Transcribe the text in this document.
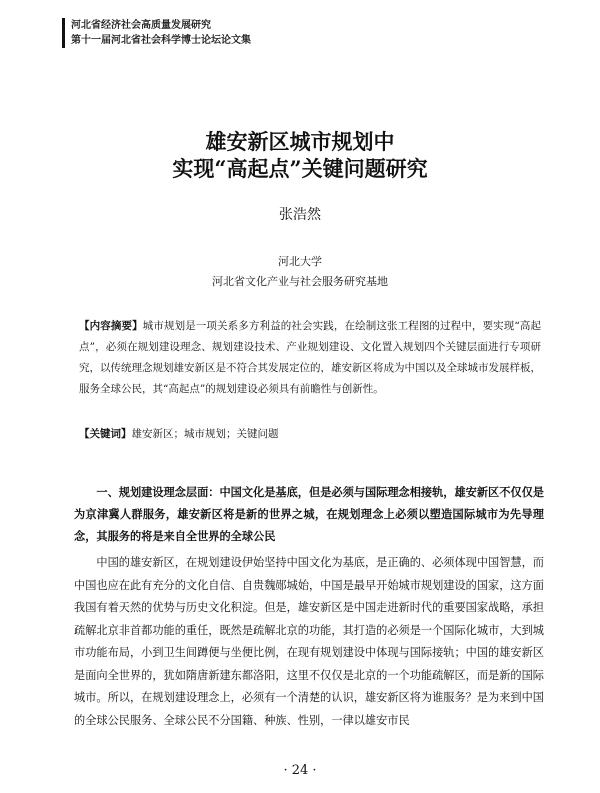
河北省经济社会高质量发展研究
第十一届河北省社会科学博士论坛论文集
雄安新区城市规划中
实现“高起点”关键问题研究
张浩然
河北大学
河北省文化产业与社会服务研究基地
【内容摘要】城市规划是一项关系多方利益的社会实践，在绘制这张工程图的过程中，要实现“高起点”，必须在规划建设理念、规划建设技术、产业规划建设、文化置入规划四个关键层面进行专项研究，以传统理念规划雄安新区是不符合其发展定位的，雄安新区将成为中国以及全球城市发展样板，服务全球公民，其“高起点”的规划建设必须具有前瞻性与创新性。
【关键词】雄安新区；城市规划；关键问题
一、规划建设理念层面：中国文化是基底，但是必须与国际理念相接轨，雄安新区不仅仅是为京津冀人群服务，雄安新区将是新的世界之城，在规划理念上必须以塑造国际城市为先导理念，其服务的将是来自全世界的全球公民
中国的雄安新区，在规划建设伊始坚持中国文化为基底，是正确的、必须体现中国智慧，而中国也应在此有充分的文化自信、自贵魏郧城始，中国是最早开始城市规划建设的国家，这方面我国有着天然的优势与历史文化积淀。但是，雄安新区是中国走进新时代的重要国家战略，承担疏解北京非首都功能的重任，既然是疏解北京的功能，其打造的必须是一个国际化城市，大到城市功能布局，小到卫生间蹲便与坐便比例，在现有规划建设中体现与国际接轨；中国的雄安新区是面向全世界的，犹如隋唐新建东都洛阳，这里不仅仅是北京的一个功能疏解区，而是新的国际城市。所以，在规划建设理念上，必须有一个清楚的认识，雄安新区将为谁服务？是为来到中国的全球公民服务、全球公民不分国籍、种族、性别，一律以雄安市民
· 24 ·
